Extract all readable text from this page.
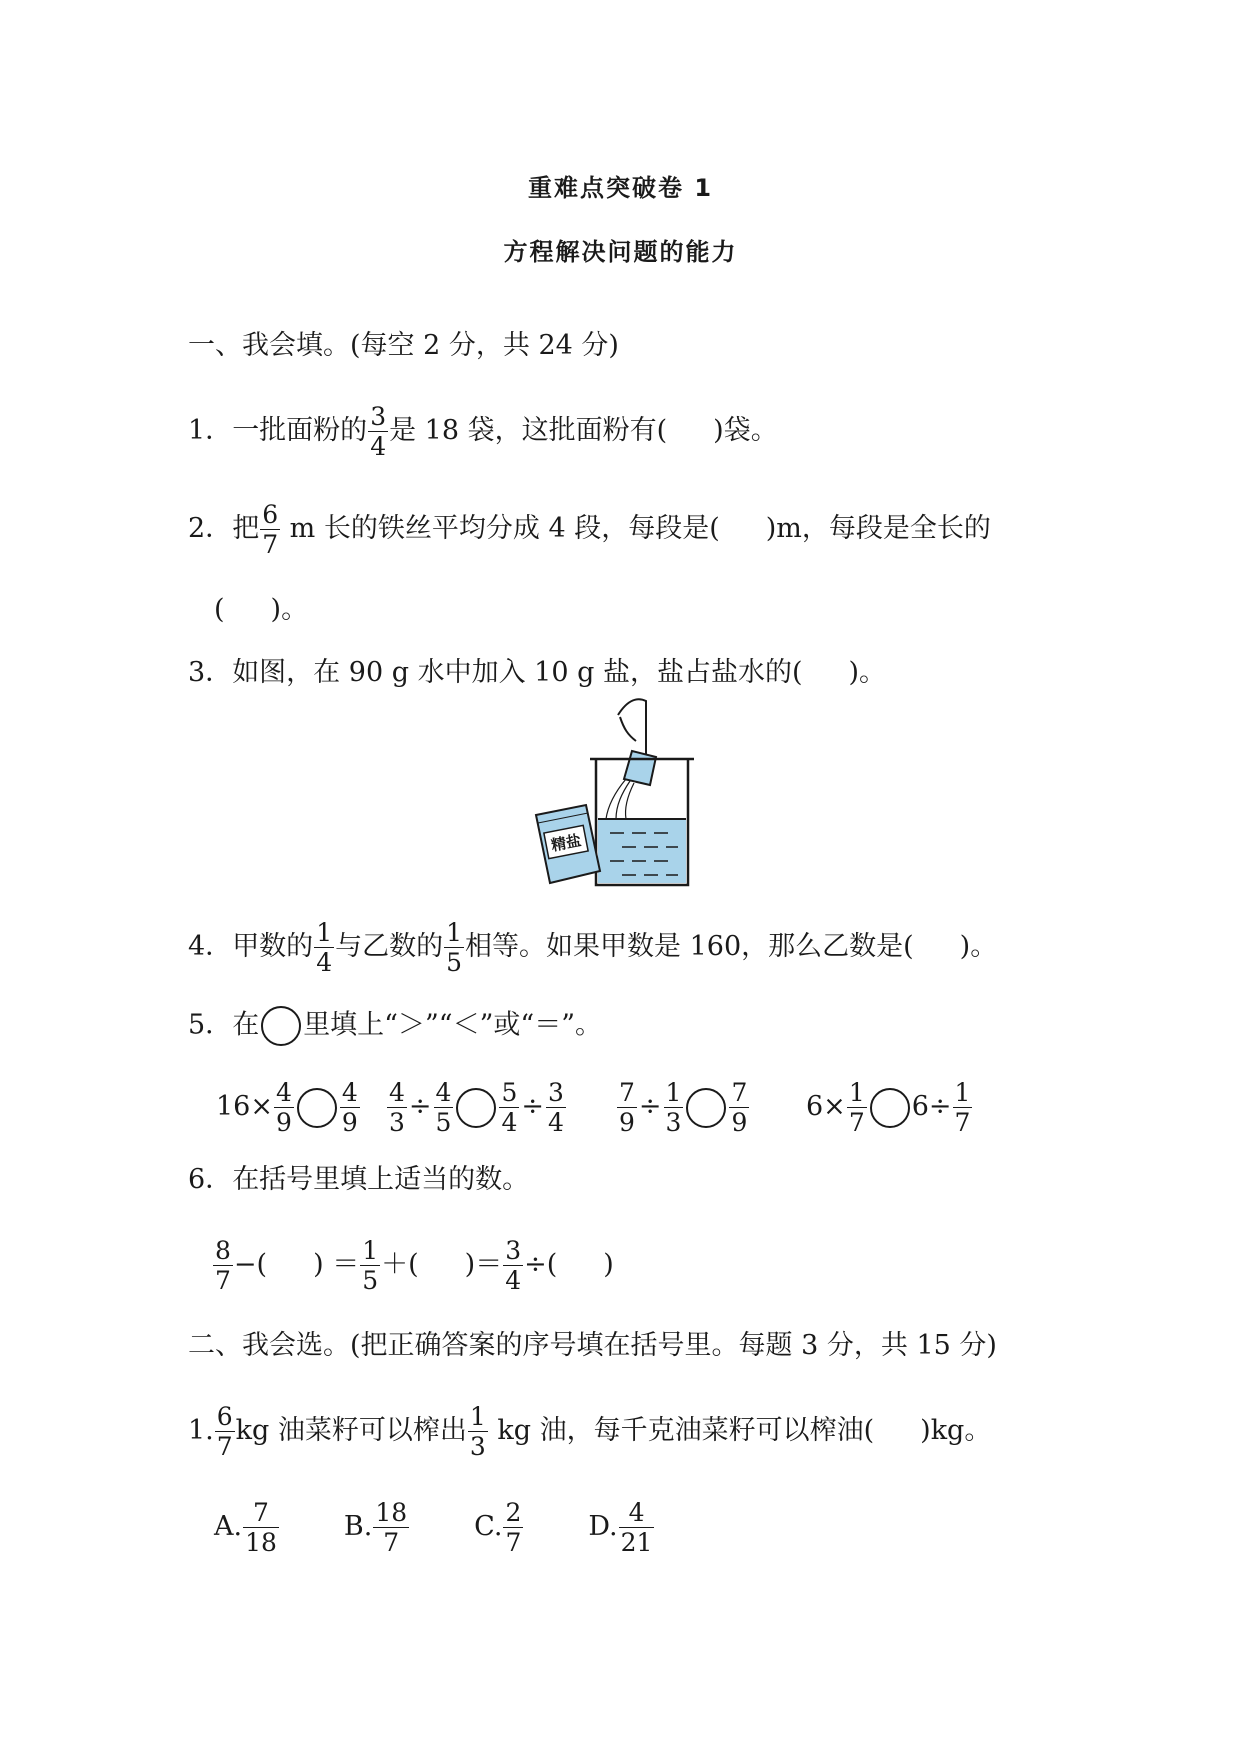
重难点突破卷 1
方程解决问题的能力
一、我会填。(每空 2 分，共 24 分)
1．一批面粉的 $\frac{3}{4}$ 是 18 袋，这批面粉有( )袋。
2．把 $\frac{6}{7}$ m 长的铁丝平均分成 4 段，每段是( )m，每段是全长的
( )。
3．如图，在 90 g 水中加入 10 g 盐，盐占盐水的( )。
精盐
4．甲数的 $\frac{1}{4}$ 与乙数的 $\frac{1}{5}$ 相等。如果甲数是 160，那么乙数是( )。
5．在 里填上“＞”“＜”或“＝”。
$16\times \frac{4}{9} \frac{4}{9} \frac{4}{3} \div \frac{4}{5} \frac{5}{4} \div \frac{3}{4} \frac{7}{9} \div \frac{1}{3} \frac{7}{9} 6\times \frac{1}{7} 6\div \frac{1}{7}$
6．在括号里填上适当的数。
$\frac{8}{7}$ −( ) ＝ $\frac{1}{5}$ ＋( )＝ $\frac{3}{4}$ ÷( )
二、我会选。(把正确答案的序号填在括号里。每题 3 分，共 15 分)
1. $\frac{6}{7}$ kg 油菜籽可以榨出 $\frac{1}{3}$ kg 油，每千克油菜籽可以榨油( )kg。
A. $\frac{7}{18} B$. $\frac{18}{7} C$. $\frac{2}{7} D$. $\frac{4}{21}$
